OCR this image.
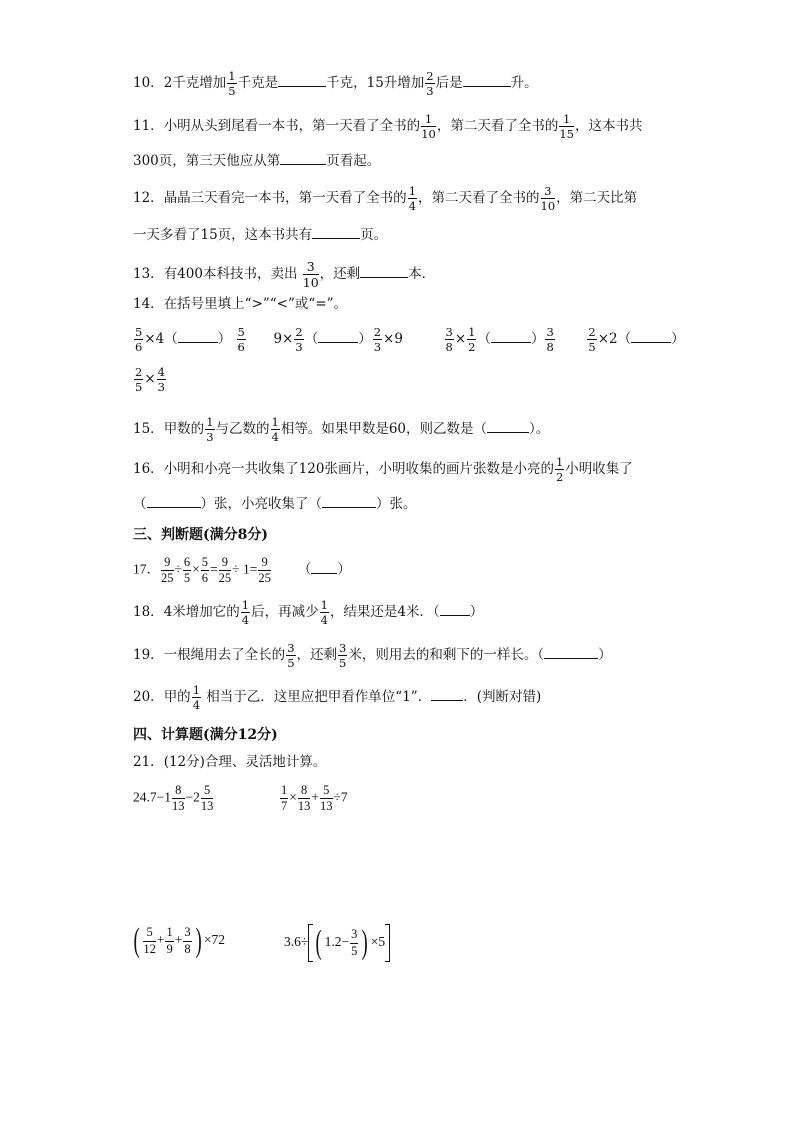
10．2千克增加 $\frac{1}{5}$ 千克是	千克，15升增加 $\frac{2}{3}$ 后是	升。
11．小明从头到尾看一本书，第一天看了全书的 $\frac{1}{10}$ ，第二天看了全书的 $\frac{1}{15}$ ，这本书共
300页，第三天他应从第	页看起。
12．晶晶三天看完一本书，第一天看了全书的 $\frac{1}{4}$ ，第二天看了全书的 $\frac{3}{10}$ ，第二天比第
一天多看了15页，这本书共有	页。
13．有400本科技书，卖出 $\frac{3}{10}$ ，还剩	本．
14．在括号里填上“>”“<”或“=”。
$\frac{5}{6} \times 4$（	） $\frac{5}{6} 9\times \frac{2}{3}$ （	） $\frac{2}{3} \times 9$	$\frac{3}{8} \times \frac{1}{2}$ （	） $\frac{3}{8}$
	$\frac{2}{5} \times 2$（	）
$\frac{2}{5} \times \frac{4}{3}$
15．甲数的 $\frac{1}{3}$ 与乙数的 $\frac{1}{4}$ 相等。如果甲数是60，则乙数是（	）。
16．小明和小亮一共收集了120张画片，小明收集的画片张数是小亮的 $\frac{1}{2}$ 小明收集了
（	）张，小亮收集了（	）张。
三、判断题(满分8分)
17． $\frac{9}{25} \div \frac{6}{5} \times \frac{5}{6} = \frac{9}{25} \div 1= \frac{9}{25}$ （ ）
18．4米增加它的 $\frac{1}{4}$ 后，再减少 $\frac{1}{4}$ ，结果还是4米．（ ）
19．一根绳用去了全长的 $\frac{3}{5}$ ，还剩 $\frac{3}{5}$ 米，则用去的和剩下的一样长。（	）
20．甲的 $\frac{1}{4}$ 相当于乙．这里应把甲看作单位“1”． ．(判断对错)
四、计算题(满分12分)
21．(12分)合理、灵活地计算。
$24.7-1 \frac{8}{13} -2 \frac{5}{13}$	$\frac{1}{7} \times \frac{8}{13} + \frac{5}{13} \div 7$
( $\frac{5}{12} + \frac{1}{9} + \frac{3}{8}$ ) ×72	3.6÷ ( $1.2- \frac{3}{5}$ ) ×5
